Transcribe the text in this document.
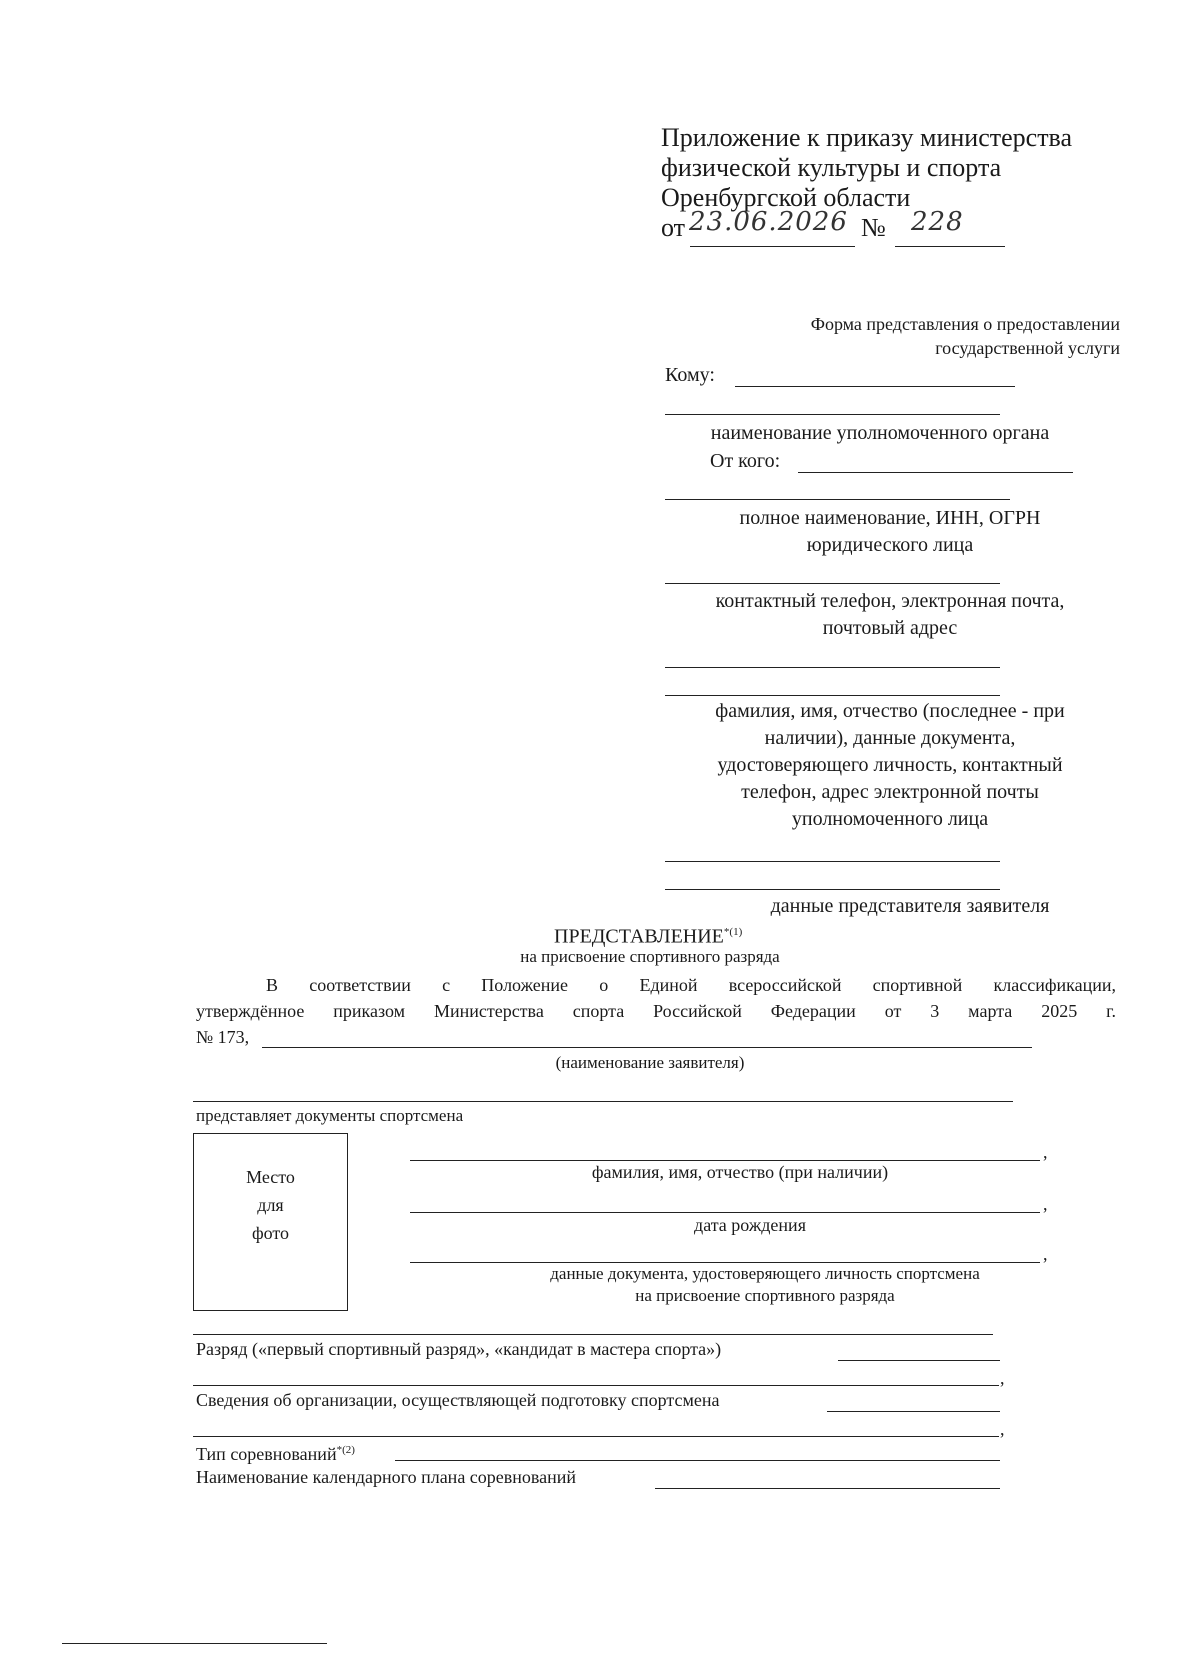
Приложение к приказу министерства
физической культуры и спорта
Оренбургской области
от 23.06.2026 № 228
Форма представления о предоставлении
государственной услуги
Кому:
наименование уполномоченного органа
От кого:
полное наименование, ИНН, ОГРН
юридического лица
контактный телефон, электронная почта,
почтовый адрес
фамилия, имя, отчество (последнее - при
наличии), данные документа,
удостоверяющего личность, контактный
телефон, адрес электронной почты
уполномоченного лица
данные представителя заявителя
ПРЕДСТАВЛЕНИЕ$^{*(1)}$
на присвоение спортивного разряда
В соответствии с Положение о Единой всероссийской спортивной классификации,
утверждённое приказом Министерства спорта Российской Федерации от 3 марта 2025 г.
№ 173,
(наименование заявителя)
представляет документы спортсмена
Место
для
фото
,
фамилия, имя, отчество (при наличии)
,
дата рождения
,
данные документа, удостоверяющего личность спортсмена
на присвоение спортивного разряда
Разряд («первый спортивный разряд», «кандидат в мастера спорта»)
,
Сведения об организации, осуществляющей подготовку спортсмена
,
Тип соревнований$^{*(2)}$
Наименование календарного плана соревнований
